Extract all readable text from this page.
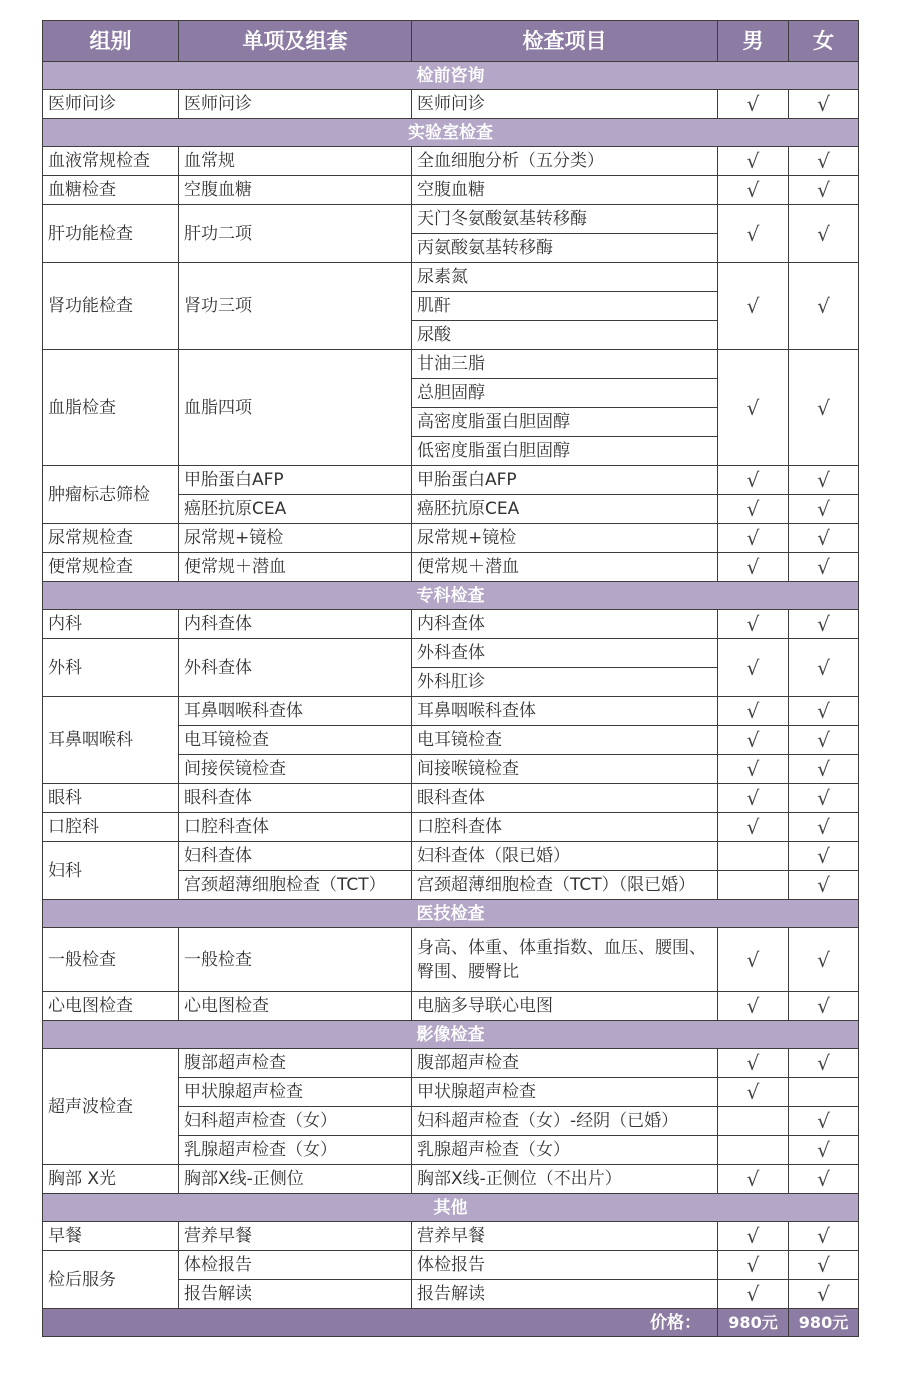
组别	单项及组套	检查项目	男	女
检前咨询				
医师问诊	医师问诊	医师问诊	√	√
实验室检查				
血液常规检查	血常规	全血细胞分析（五分类）	√	√
血糖检查	空腹血糖	空腹血糖	√	√
肝功能检查	肝功二项	天门冬氨酸氨基转移酶	√	√
		丙氨酸氨基转移酶		
肾功能检查	肾功三项	尿素氮	√	√
		肌酐		
		尿酸		
血脂检查	血脂四项	甘油三脂	√	√
		总胆固醇		
		高密度脂蛋白胆固醇		
		低密度脂蛋白胆固醇		
肿瘤标志筛检	甲胎蛋白AFP	甲胎蛋白AFP	√	√
	癌胚抗原CEA	癌胚抗原CEA	√	√
尿常规检查	尿常规+镜检	尿常规+镜检	√	√
便常规检查	便常规＋潜血	便常规＋潜血	√	√
专科检查				
内科	内科查体	内科查体	√	√
外科	外科查体	外科查体	√	√
		外科肛诊		
耳鼻咽喉科	耳鼻咽喉科查体	耳鼻咽喉科查体	√	√
	电耳镜检查	电耳镜检查	√	√
	间接侯镜检查	间接喉镜检查	√	√
眼科	眼科查体	眼科查体	√	√
口腔科	口腔科查体	口腔科查体	√	√
妇科	妇科查体	妇科查体（限已婚）		√
	宫颈超薄细胞检查（TCT）	宫颈超薄细胞检查（TCT）（限已婚）		√
医技检查				
一般检查	一般检查	身高、体重、体重指数、血压、腰围、臀围、腰臀比	√	√
心电图检查	心电图检查	电脑多导联心电图	√	√
影像检查				
超声波检查	腹部超声检查	腹部超声检查	√	√
	甲状腺超声检查	甲状腺超声检查	√	
	妇科超声检查（女）	妇科超声检查（女）-经阴（已婚）		√
	乳腺超声检查（女）	乳腺超声检查（女）		√
胸部 X光	胸部X线-正侧位	胸部X线-正侧位（不出片）	√	√
其他				
早餐	营养早餐	营养早餐	√	√
检后服务	体检报告	体检报告	√	√
	报告解读	报告解读	√	√
价格：			980元	980元
